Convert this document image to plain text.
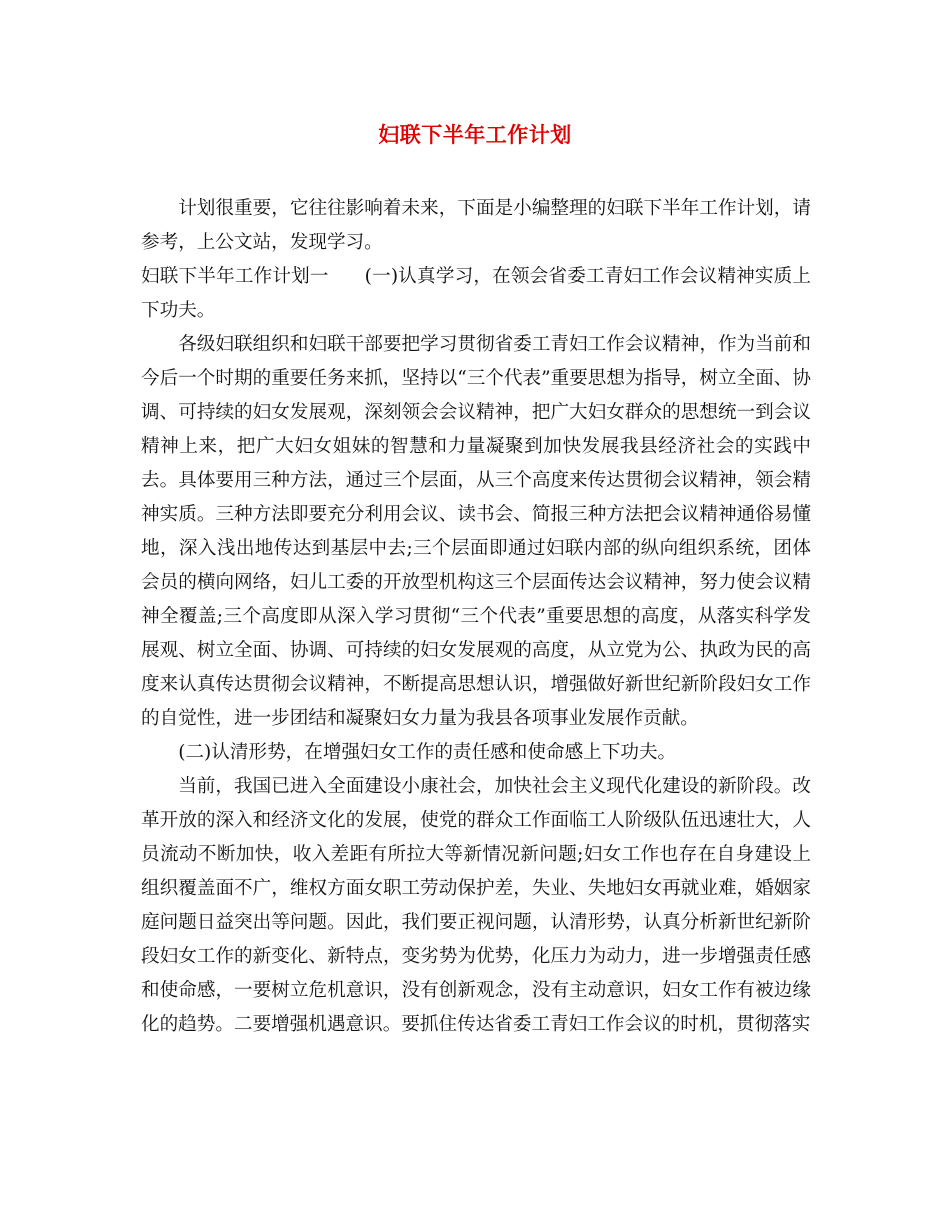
妇联下半年工作计划

计划很重要，它往往影响着未来，下面是小编整理的妇联下半年工作计划，请参考，上公文站，发现学习。

妇联下半年工作计划一 (一)认真学习，在领会省委工青妇工作会议精神实质上下功夫。

各级妇联组织和妇联干部要把学习贯彻省委工青妇工作会议精神，作为当前和今后一个时期的重要任务来抓，坚持以“三个代表”重要思想为指导，树立全面、协调、可持续的妇女发展观，深刻领会会议精神，把广大妇女群众的思想统一到会议精神上来，把广大妇女姐妹的智慧和力量凝聚到加快发展我县经济社会的实践中去。具体要用三种方法，通过三个层面，从三个高度来传达贯彻会议精神，领会精神实质。三种方法即要充分利用会议、读书会、简报三种方法把会议精神通俗易懂地，深入浅出地传达到基层中去;三个层面即通过妇联内部的纵向组织系统，团体会员的横向网络，妇儿工委的开放型机构这三个层面传达会议精神，努力使会议精神全覆盖;三个高度即从深入学习贯彻“三个代表”重要思想的高度，从落实科学发展观、树立全面、协调、可持续的妇女发展观的高度，从立党为公、执政为民的高度来认真传达贯彻会议精神，不断提高思想认识，增强做好新世纪新阶段妇女工作的自觉性，进一步团结和凝聚妇女力量为我县各项事业发展作贡献。

(二)认清形势，在增强妇女工作的责任感和使命感上下功夫。

当前，我国已进入全面建设小康社会，加快社会主义现代化建设的新阶段。改革开放的深入和经济文化的发展，使党的群众工作面临工人阶级队伍迅速壮大，人员流动不断加快，收入差距有所拉大等新情况新问题;妇女工作也存在自身建设上组织覆盖面不广，维权方面女职工劳动保护差，失业、失地妇女再就业难，婚姻家庭问题日益突出等问题。因此，我们要正视问题，认清形势，认真分析新世纪新阶段妇女工作的新变化、新特点，变劣势为优势，化压力为动力，进一步增强责任感和使命感，一要树立危机意识，没有创新观念，没有主动意识，妇女工作有被边缘化的趋势。二要增强机遇意识。要抓住传达省委工青妇工作会议的时机，贯彻落实
